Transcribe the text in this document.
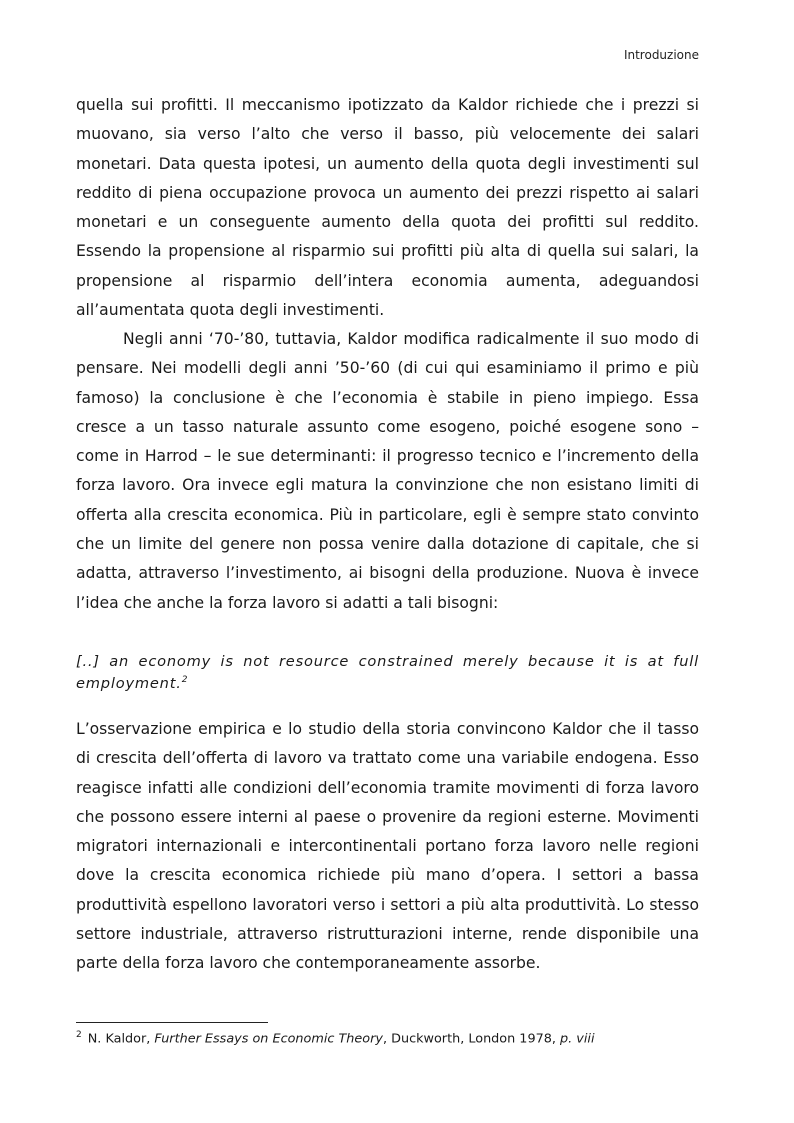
Introduzione

quella sui profitti. Il meccanismo ipotizzato da Kaldor richiede che i prezzi si muovano, sia verso l’alto che verso il basso, più velocemente dei salari monetari. Data questa ipotesi, un aumento della quota degli investimenti sul reddito di piena occupazione provoca un aumento dei prezzi rispetto ai salari monetari e un conseguente aumento della quota dei profitti sul reddito. Essendo la propensione al risparmio sui profitti più alta di quella sui salari, la propensione al risparmio dell’intera economia aumenta, adeguandosi all’aumentata quota degli investimenti.

Negli anni ‘70-’80, tuttavia, Kaldor modifica radicalmente il suo modo di pensare. Nei modelli degli anni ’50-’60 (di cui qui esaminiamo il primo e più famoso) la conclusione è che l’economia è stabile in pieno impiego. Essa cresce a un tasso naturale assunto come esogeno, poiché esogene sono – come in Harrod – le sue determinanti: il progresso tecnico e l’incremento della forza lavoro. Ora invece egli matura la convinzione che non esistano limiti di offerta alla crescita economica. Più in particolare, egli è sempre stato convinto che un limite del genere non possa venire dalla dotazione di capitale, che si adatta, attraverso l’investimento, ai bisogni della produzione. Nuova è invece l’idea che anche la forza lavoro si adatti a tali bisogni:

[..] an economy is not resource constrained merely because it is at full employment.$^2$

L’osservazione empirica e lo studio della storia convincono Kaldor che il tasso di crescita dell’offerta di lavoro va trattato come una variabile endogena. Esso reagisce infatti alle condizioni dell’economia tramite movimenti di forza lavoro che possono essere interni al paese o provenire da regioni esterne. Movimenti migratori internazionali e intercontinentali portano forza lavoro nelle regioni dove la crescita economica richiede più mano d’opera. I settori a bassa produttività espellono lavoratori verso i settori a più alta produttività. Lo stesso settore industriale, attraverso ristrutturazioni interne, rende disponibile una parte della forza lavoro che contemporaneamente assorbe.

$^2$ N. Kaldor, Further Essays on Economic Theory, Duckworth, London 1978, p. viii
